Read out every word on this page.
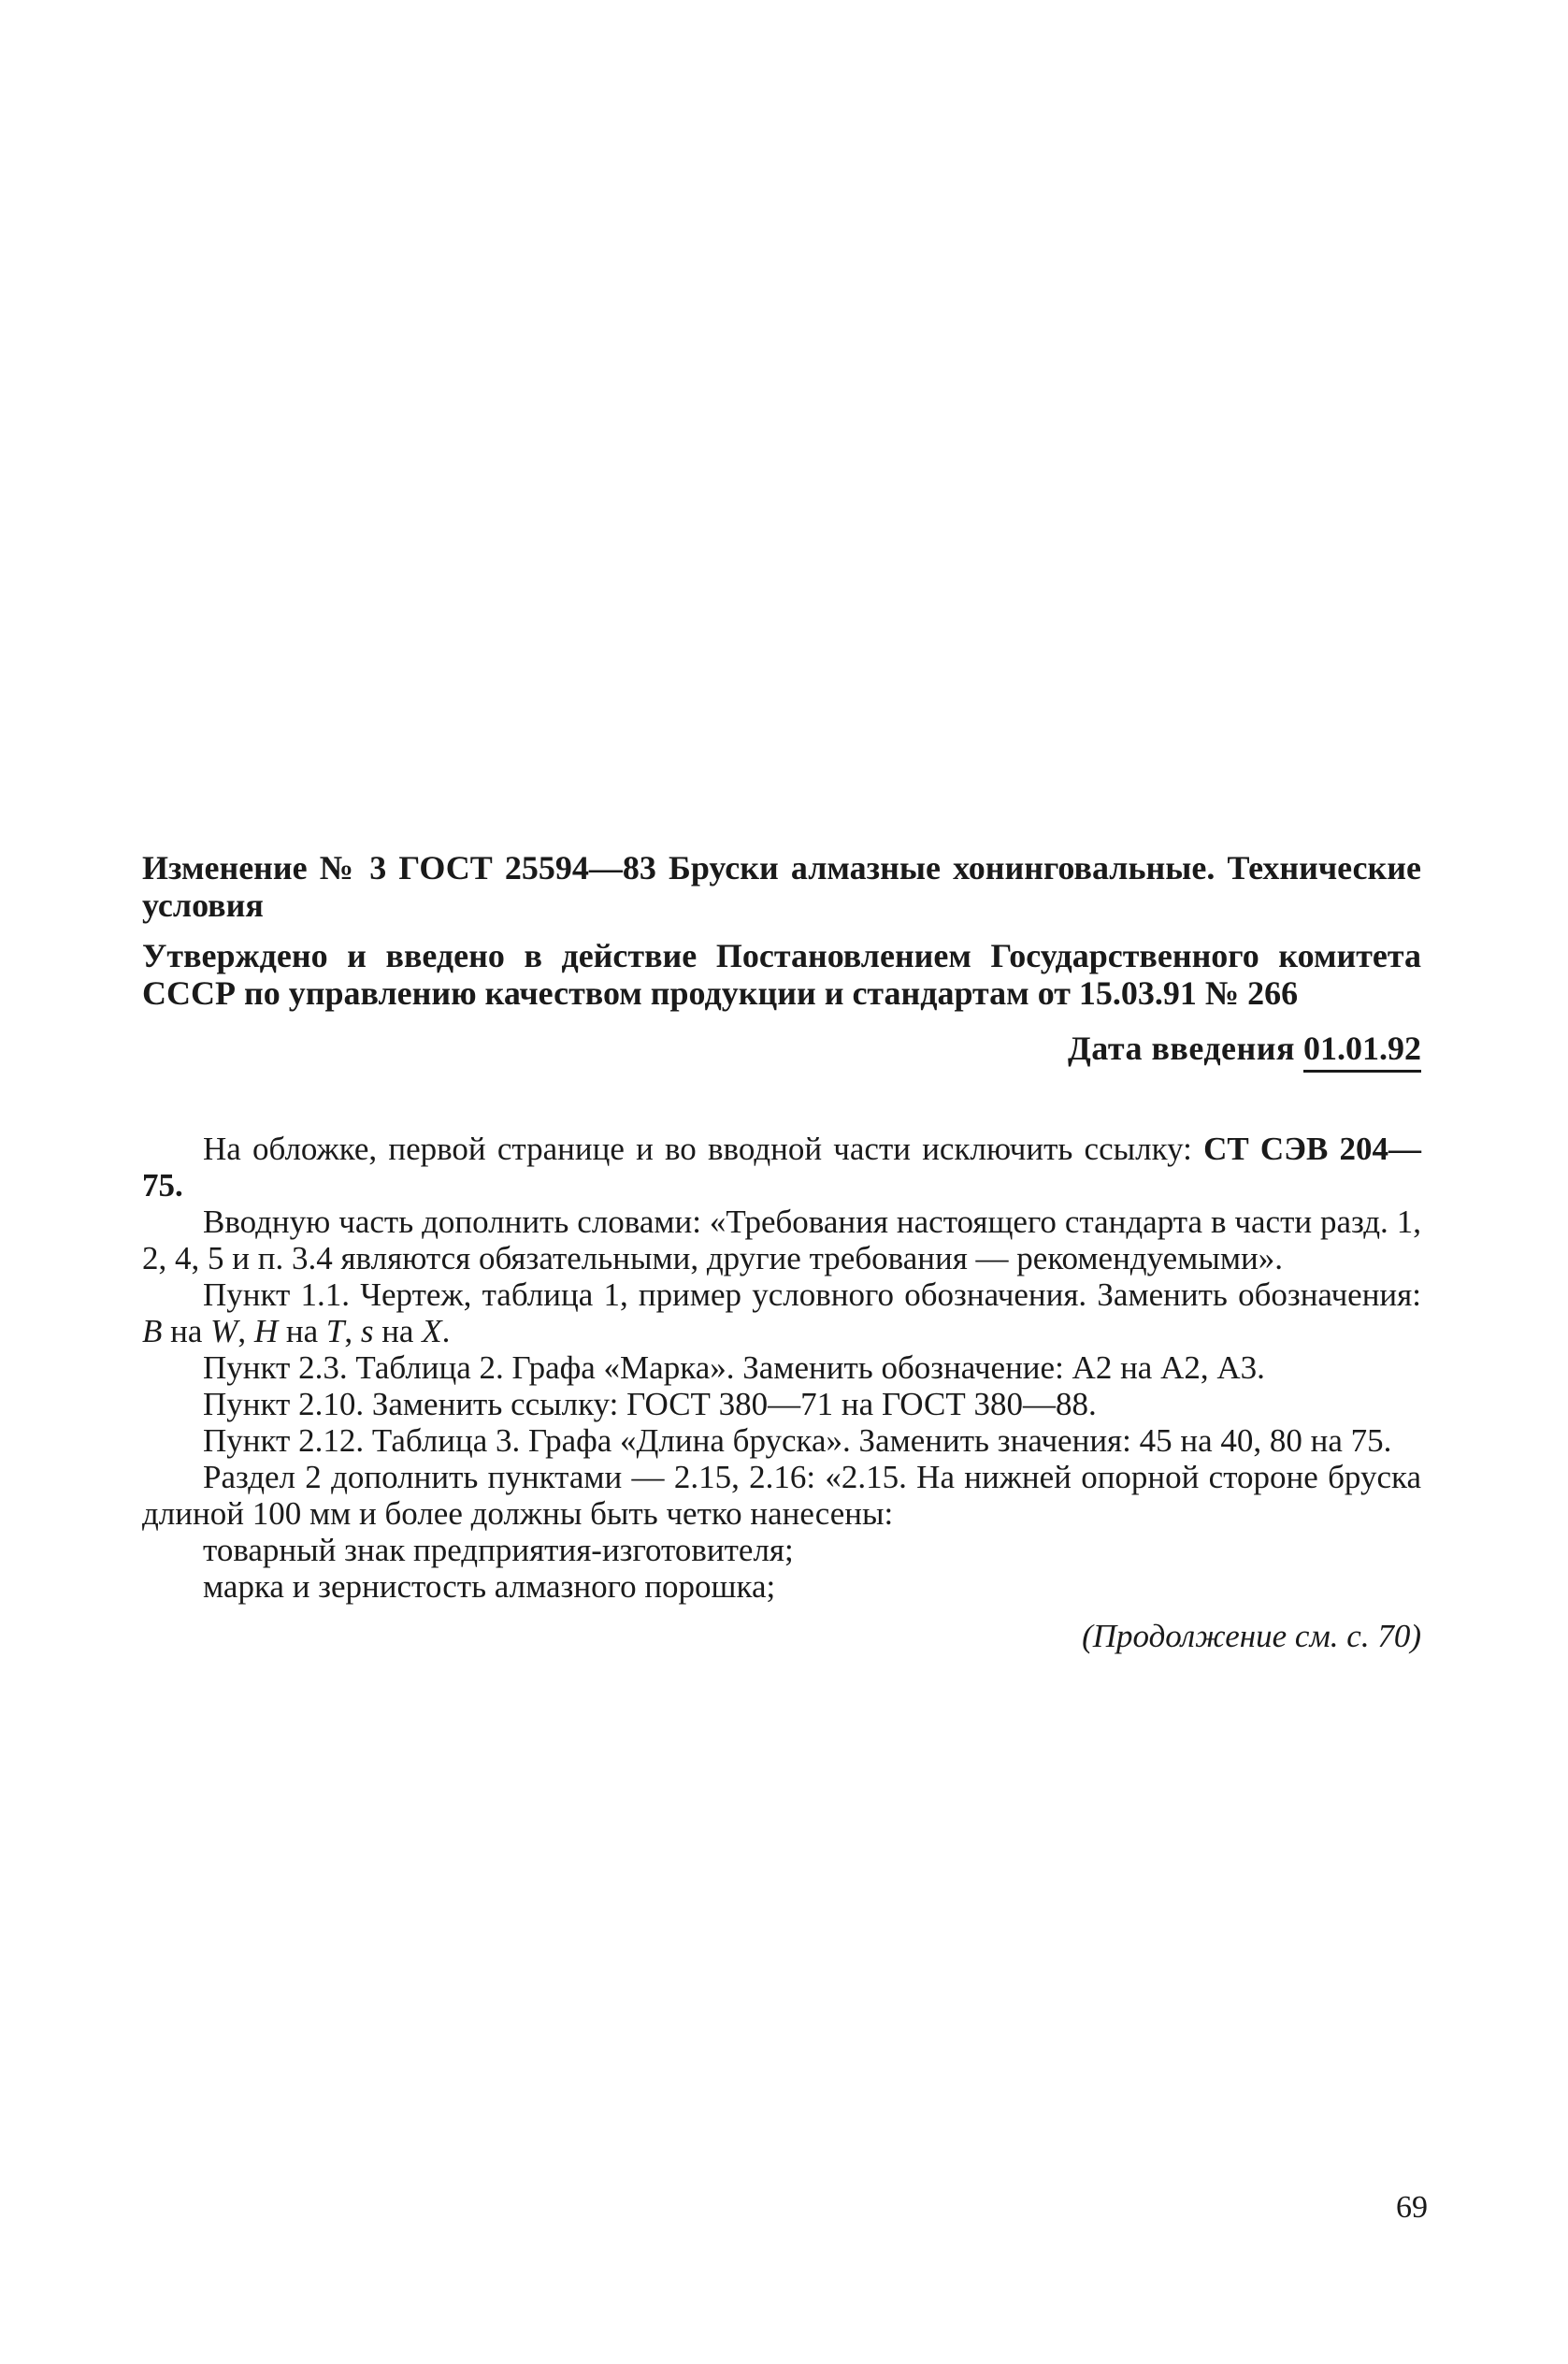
Изменение № 3 ГОСТ 25594—83 Бруски алмазные хонинговальные. Технические условия

Утверждено и введено в действие Постановлением Государственного комитета СССР по управлению качеством продукции и стандартам от 15.03.91 № 266

Дата введения 01.01.92

На обложке, первой странице и во вводной части исключить ссылку: СТ СЭВ 204—75.

Вводную часть дополнить словами: «Требования настоящего стандарта в части разд. 1, 2, 4, 5 и п. 3.4 являются обязательными, другие требования — рекомендуемыми».

Пункт 1.1. Чертеж, таблица 1, пример условного обозначения. Заменить обозначения: B на W, H на T, s на X.

Пункт 2.3. Таблица 2. Графа «Марка». Заменить обозначение: А2 на А2, А3.

Пункт 2.10. Заменить ссылку: ГОСТ 380—71 на ГОСТ 380—88.

Пункт 2.12. Таблица 3. Графа «Длина бруска». Заменить значения: 45 на 40, 80 на 75.

Раздел 2 дополнить пунктами — 2.15, 2.16: «2.15. На нижней опорной стороне бруска длиной 100 мм и более должны быть четко нанесены:

товарный знак предприятия-изготовителя;

марка и зернистость алмазного порошка;

(Продолжение см. с. 70)
69
